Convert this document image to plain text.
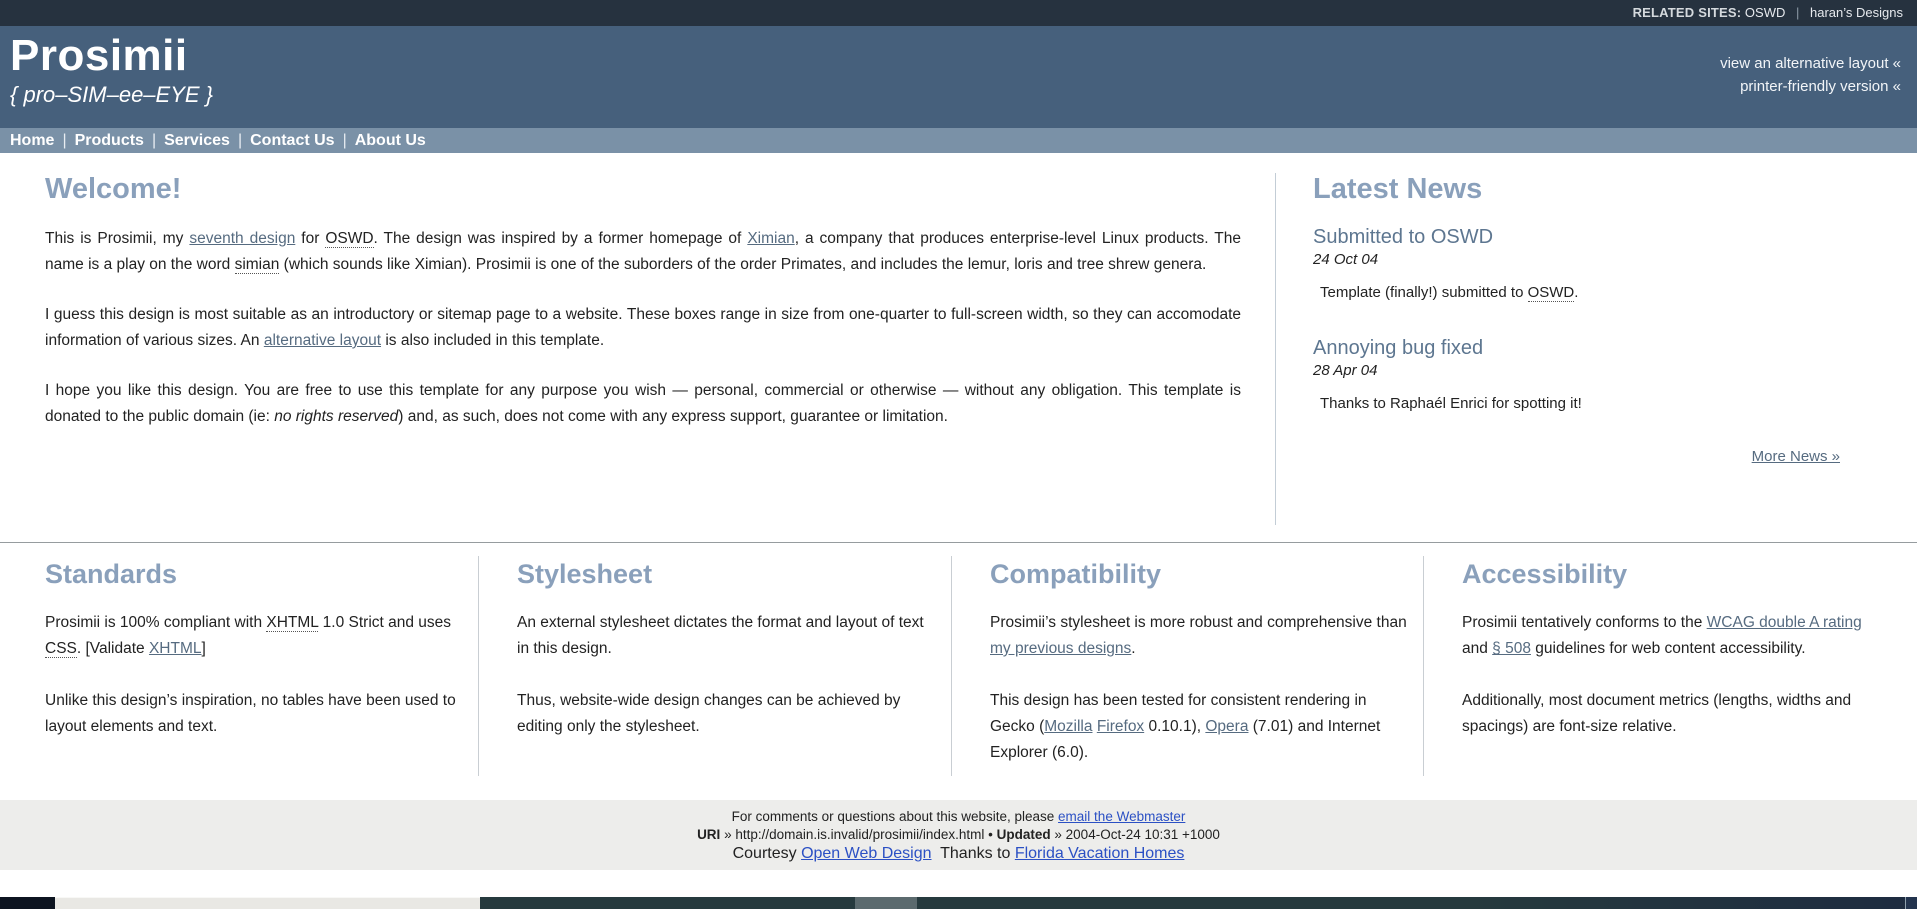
RELATED SITES: OSWD | haran’s Designs
Prosimii
{ pro–SIM–ee–EYE }
view an alternative layout «
printer-friendly version «
Home | Products | Services | Contact Us | About Us
Welcome!

This is Prosimii, my seventh design for OSWD. The design was inspired by a former homepage of Ximian, a company that produces enterprise-level Linux products. The name is a play on the word simian (which sounds like Ximian). Prosimii is one of the suborders of the order Primates, and includes the lemur, loris and tree shrew genera.

I guess this design is most suitable as an introductory or sitemap page to a website. These boxes range in size from one-quarter to full-screen width, so they can accomodate information of various sizes. An alternative layout is also included in this template.

I hope you like this design. You are free to use this template for any purpose you wish — personal, commercial or otherwise — without any obligation. This template is donated to the public domain (ie: no rights reserved) and, as such, does not come with any express support, guarantee or limitation.

Latest News
Submitted to OSWD
24 Oct 04
Template (finally!) submitted to OSWD.
Annoying bug fixed
28 Apr 04
Thanks to Raphaél Enrici for spotting it!
More News »
Standards

Prosimii is 100% compliant with XHTML 1.0 Strict and uses CSS. [Validate XHTML]

Unlike this design’s inspiration, no tables have been used to layout elements and text.

Stylesheet

An external stylesheet dictates the format and layout of text in this design.

Thus, website-wide design changes can be achieved by editing only the stylesheet.

Compatibility

Prosimii’s stylesheet is more robust and comprehensive than my previous designs.

This design has been tested for consistent rendering in Gecko (Mozilla Firefox 0.10.1), Opera (7.01) and Internet Explorer (6.0).

Accessibility

Prosimii tentatively conforms to the WCAG double A rating and § 508 guidelines for web content accessibility.

Additionally, most document metrics (lengths, widths and spacings) are font-size relative.

For comments or questions about this website, please email the Webmaster
URI » http://domain.is.invalid/prosimii/index.html • Updated » 2004-Oct-24 10:31 +1000
Courtesy Open Web Design  Thanks to Florida Vacation Homes
